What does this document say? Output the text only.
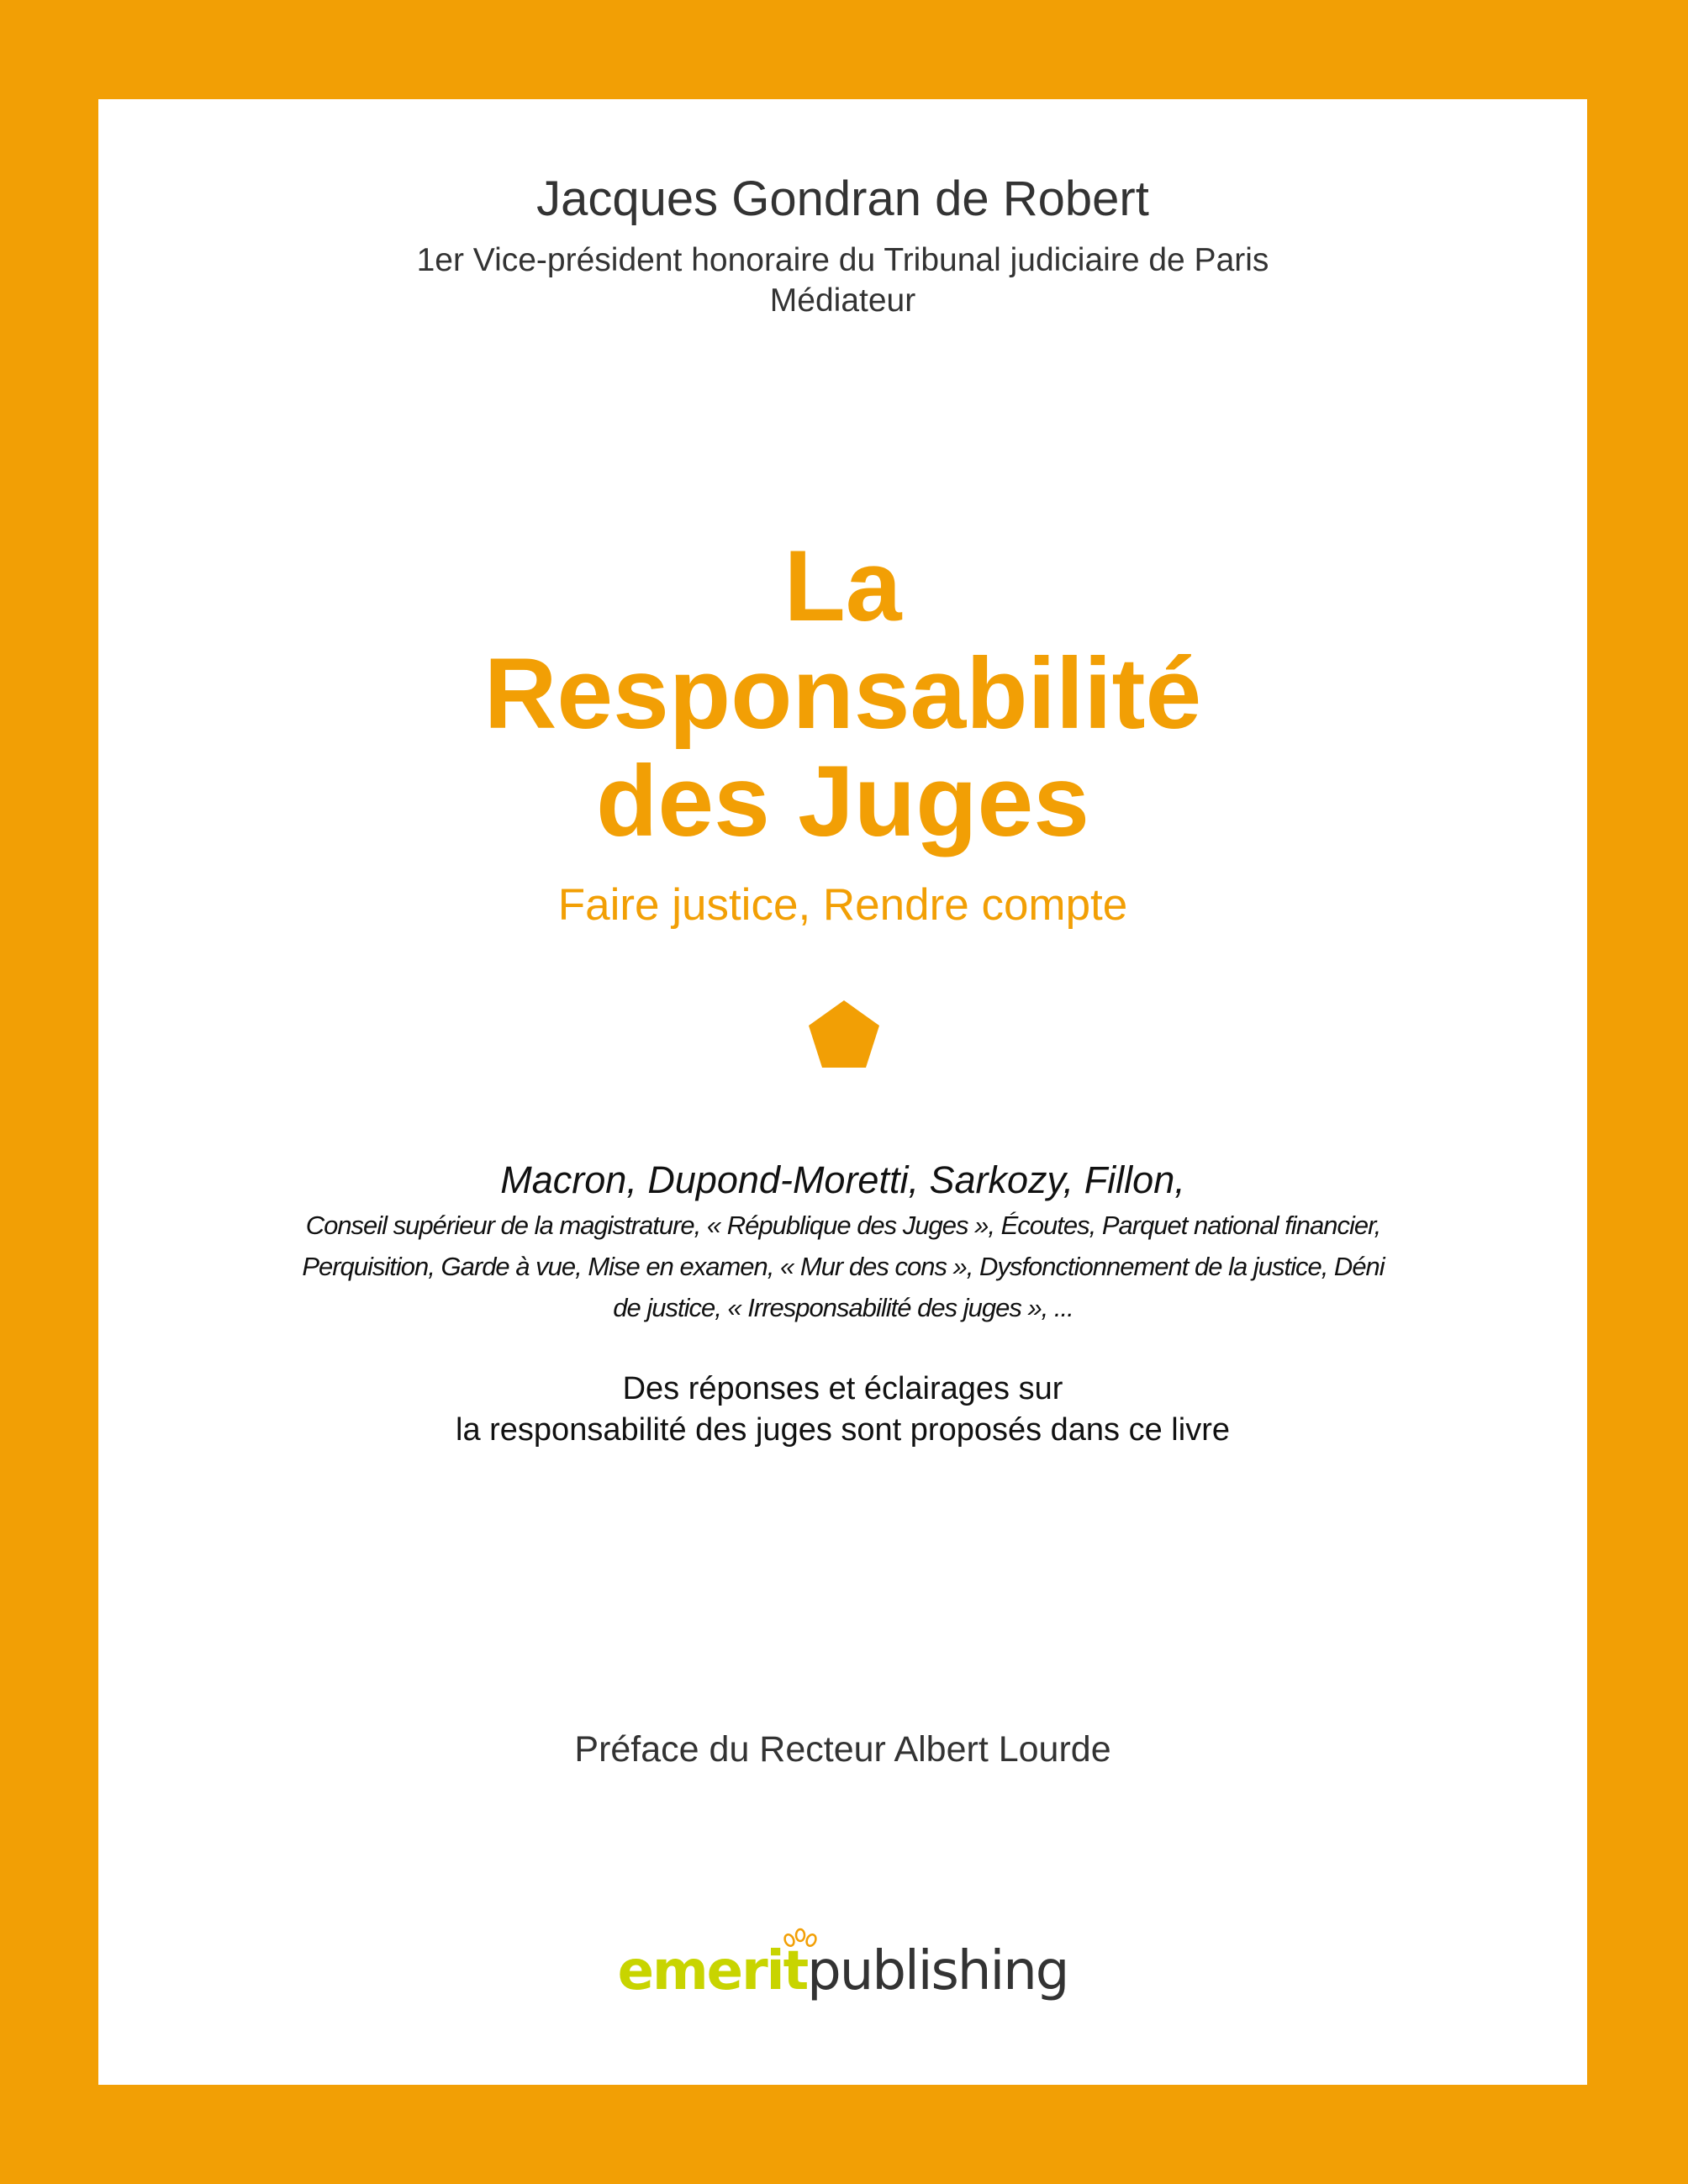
Jacques Gondran de Robert
1er Vice-président honoraire du Tribunal judiciaire de Paris
Médiateur
La
Responsabilité
des Juges
Faire justice, Rendre compte
Macron, Dupond-Moretti, Sarkozy, Fillon,
Conseil supérieur de la magistrature, « République des Juges », Écoutes, Parquet national financier, Perquisition, Garde à vue, Mise en examen, « Mur des cons », Dysfonctionnement de la justice, Déni de justice, « Irresponsabilité des juges », ...
Des réponses et éclairages sur
la responsabilité des juges sont proposés dans ce livre
Préface du Recteur Albert Lourde
emerit
publishing
